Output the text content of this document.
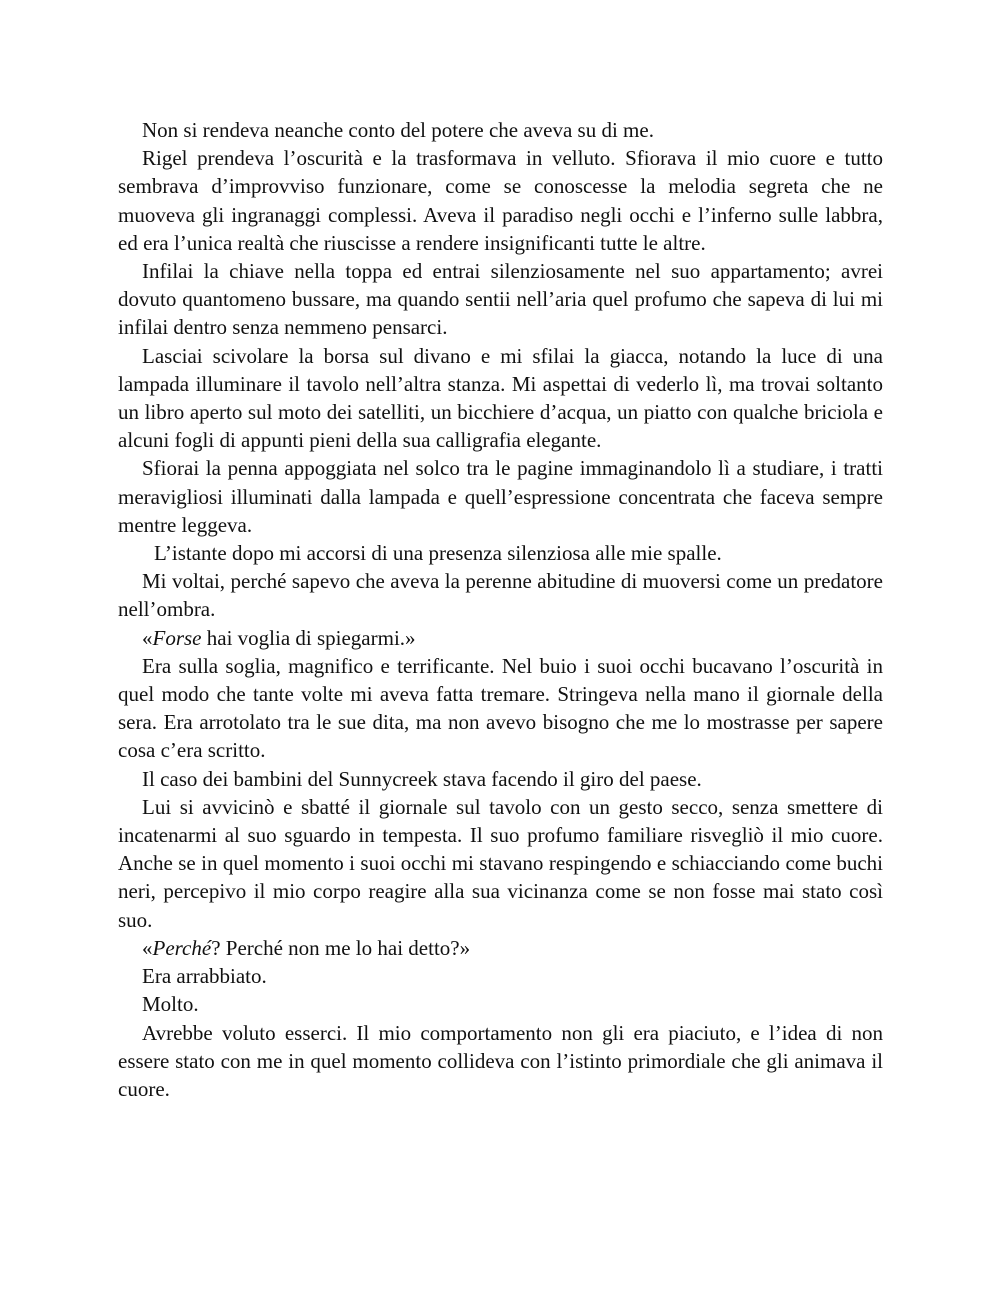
Non si rendeva neanche conto del potere che aveva su di me.

Rigel prendeva l’oscurità e la trasformava in velluto. Sfiorava il mio cuore e tutto sembrava d’improvviso funzionare, come se conoscesse la melodia segreta che ne muoveva gli ingranaggi complessi. Aveva il paradiso negli occhi e l’inferno sulle labbra, ed era l’unica realtà che riuscisse a rendere insignificanti tutte le altre.

Infilai la chiave nella toppa ed entrai silenziosamente nel suo appartamento; avrei dovuto quantomeno bussare, ma quando sentii nell’aria quel profumo che sapeva di lui mi infilai dentro senza nemmeno pensarci.

Lasciai scivolare la borsa sul divano e mi sfilai la giacca, notando la luce di una lampada illuminare il tavolo nell’altra stanza. Mi aspettai di vederlo lì, ma trovai soltanto un libro aperto sul moto dei satelliti, un bicchiere d’acqua, un piatto con qualche briciola e alcuni fogli di appunti pieni della sua calligrafia elegante.

Sfiorai la penna appoggiata nel solco tra le pagine immaginandolo lì a studiare, i tratti meravigliosi illuminati dalla lampada e quell’espressione concentrata che faceva sempre mentre leggeva.

L’istante dopo mi accorsi di una presenza silenziosa alle mie spalle.

Mi voltai, perché sapevo che aveva la perenne abitudine di muoversi come un predatore nell’ombra.

«Forse hai voglia di spiegarmi.»

Era sulla soglia, magnifico e terrificante. Nel buio i suoi occhi bucavano l’oscurità in quel modo che tante volte mi aveva fatta tremare. Stringeva nella mano il giornale della sera. Era arrotolato tra le sue dita, ma non avevo bisogno che me lo mostrasse per sapere cosa c’era scritto.

Il caso dei bambini del Sunnycreek stava facendo il giro del paese.

Lui si avvicinò e sbatté il giornale sul tavolo con un gesto secco, senza smettere di incatenarmi al suo sguardo in tempesta. Il suo profumo familiare risvegliò il mio cuore. Anche se in quel momento i suoi occhi mi stavano respingendo e schiacciando come buchi neri, percepivo il mio corpo reagire alla sua vicinanza come se non fosse mai stato così suo.

«Perché? Perché non me lo hai detto?»

Era arrabbiato.

Molto.

Avrebbe voluto esserci. Il mio comportamento non gli era piaciuto, e l’idea di non essere stato con me in quel momento collideva con l’istinto primordiale che gli animava il cuore.
